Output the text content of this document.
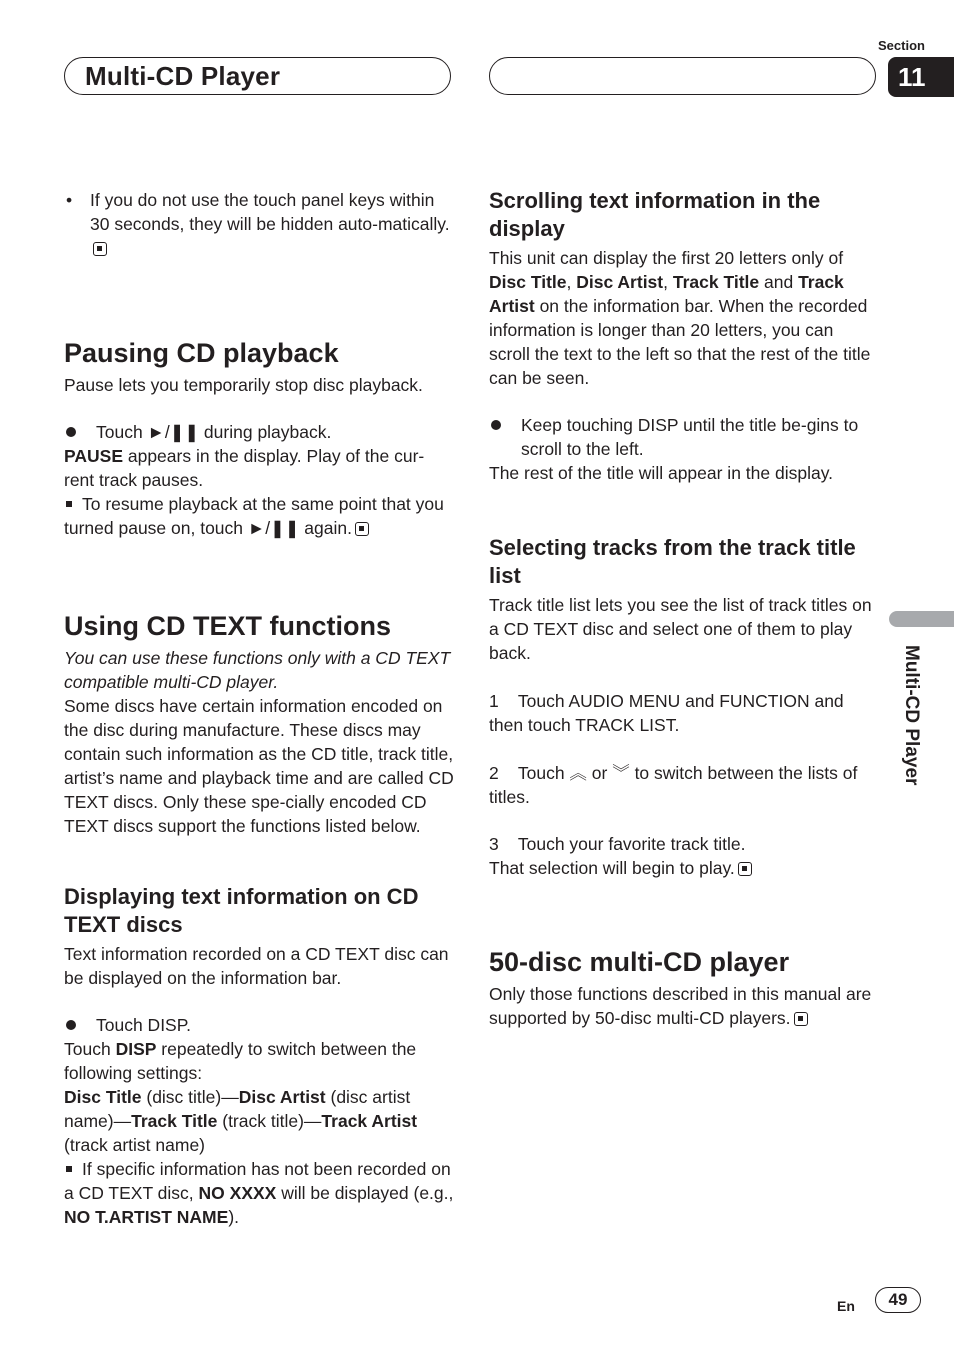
Multi-CD Player
Section
11

• If you do not use the touch panel keys within 30 seconds, they will be hidden auto-matically.

Pausing CD playback

Pause lets you temporarily stop disc playback.

Touch ►/❚❚ during playback.

PAUSE appears in the display. Play of the cur-rent track pauses.

To resume playback at the same point that you turned pause on, touch ►/❚❚ again.

Using CD TEXT functions

You can use these functions only with a CD TEXT compatible multi-CD player.

Some discs have certain information encoded on the disc during manufacture. These discs may contain such information as the CD title, track title, artist’s name and playback time and are called CD TEXT discs. Only these spe-cially encoded CD TEXT discs support the functions listed below.

Displaying text information on CD TEXT discs

Text information recorded on a CD TEXT disc can be displayed on the information bar.

Touch DISP.

Touch DISP repeatedly to switch between the following settings:

Disc Title (disc title)—Disc Artist (disc artist name)—Track Title (track title)—Track Artist (track artist name)

If specific information has not been recorded on a CD TEXT disc, NO XXXX will be displayed (e.g., NO T.ARTIST NAME).

Scrolling text information in the display

This unit can display the first 20 letters only of Disc Title, Disc Artist, Track Title and Track Artist on the information bar. When the recorded information is longer than 20 letters, you can scroll the text to the left so that the rest of the title can be seen.

Keep touching DISP until the title be-gins to scroll to the left.

The rest of the title will appear in the display.

Selecting tracks from the track title list

Track title list lets you see the list of track titles on a CD TEXT disc and select one of them to play back.

1    Touch AUDIO MENU and FUNCTION and then touch TRACK LIST.

2    Touch ︽ or ︾ to switch between the lists of titles.

3    Touch your favorite track title.

That selection will begin to play.

50-disc multi-CD player

Only those functions described in this manual are supported by 50-disc multi-CD players.

Multi-CD Player
En	49
